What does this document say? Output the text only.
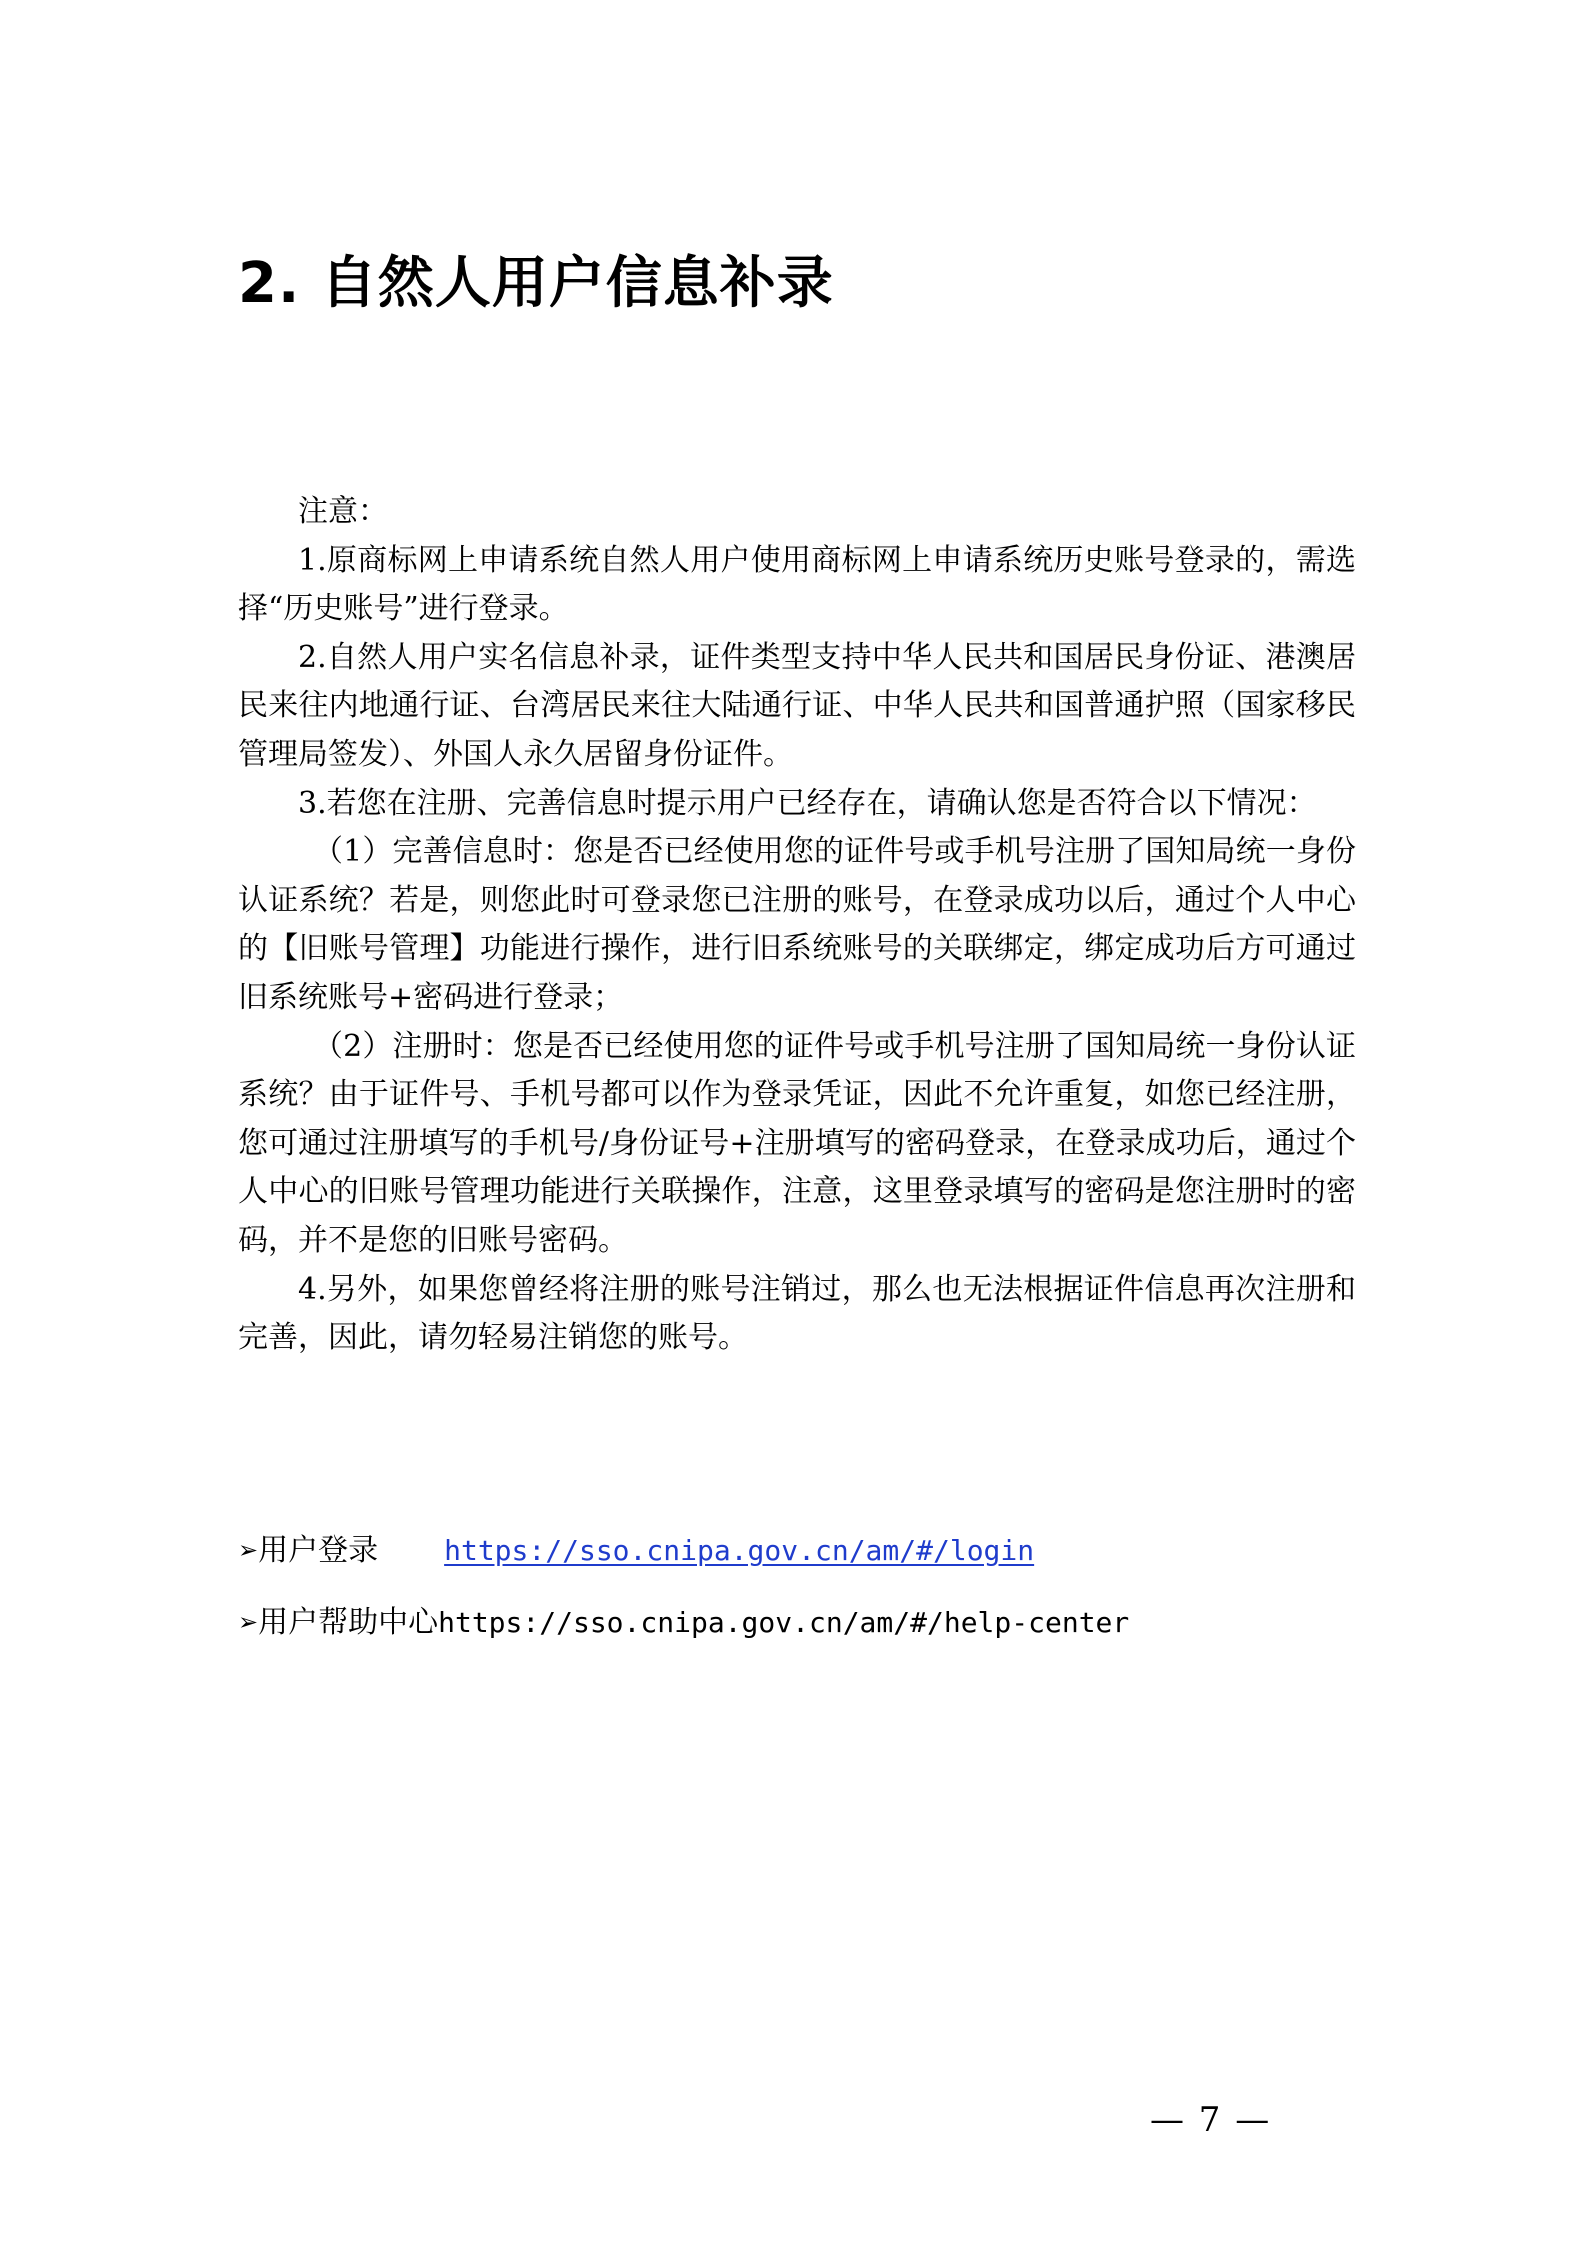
2. 自然人用户信息补录

注意：

1.原商标网上申请系统自然人用户使用商标网上申请系统历史账号登录的，需选择“历史账号”进行登录。

2.自然人用户实名信息补录，证件类型支持中华人民共和国居民身份证、港澳居民来往内地通行证、台湾居民来往大陆通行证、中华人民共和国普通护照（国家移民管理局签发）、外国人永久居留身份证件。

3.若您在注册、完善信息时提示用户已经存在，请确认您是否符合以下情况：

（1）完善信息时：您是否已经使用您的证件号或手机号注册了国知局统一身份认证系统？若是，则您此时可登录您已注册的账号，在登录成功以后，通过个人中心的【旧账号管理】功能进行操作，进行旧系统账号的关联绑定，绑定成功后方可通过旧系统账号+密码进行登录；

（2）注册时：您是否已经使用您的证件号或手机号注册了国知局统一身份认证系统？由于证件号、手机号都可以作为登录凭证，因此不允许重复，如您已经注册，您可通过注册填写的手机号/身份证号+注册填写的密码登录，在登录成功后，通过个人中心的旧账号管理功能进行关联操作，注意，这里登录填写的密码是您注册时的密码，并不是您的旧账号密码。

4.另外，如果您曾经将注册的账号注销过，那么也无法根据证件信息再次注册和完善，因此，请勿轻易注销您的账号。

➢用户登录 https://sso.cnipa.gov.cn/am/#/login
➢用户帮助中心https://sso.cnipa.gov.cn/am/#/help-center
— 7 —
